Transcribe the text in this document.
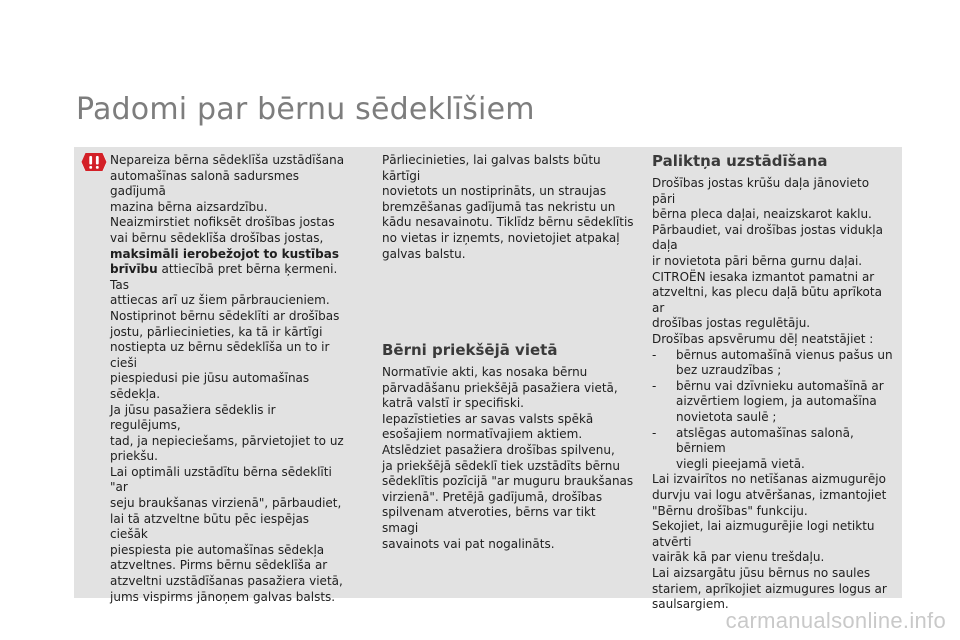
Padomi par bērnu sēdeklīšiem
Nepareiza bērna sēdeklīša uzstādīšana
automašīnas salonā sadursmes gadījumā
mazina bērna aizsardzību.
Neaizmirstiet nofiksēt drošības jostas
vai bērnu sēdeklīša drošības jostas,
maksimāli ierobežojot to kustības
brīvību attiecībā pret bērna ķermeni. Tas
attiecas arī uz šiem pārbraucieniem.
Nostiprinot bērnu sēdeklīti ar drošības
jostu, pārliecinieties, ka tā ir kārtīgi
nostiepta uz bērnu sēdeklīša un to ir cieši
piespiedusi pie jūsu automašīnas sēdekļa.
Ja jūsu pasažiera sēdeklis ir regulējums,
tad, ja nepieciešams, pārvietojiet to uz
priekšu.
Lai optimāli uzstādītu bērna sēdeklīti "ar
seju braukšanas virzienā", pārbaudiet,
lai tā atzveltne būtu pēc iespējas ciešāk
piespiesta pie automašīnas sēdekļa
atzveltnes. Pirms bērnu sēdeklīša ar
atzveltni uzstādīšanas pasažiera vietā,
jums vispirms jānoņem galvas balsts.
Pārliecinieties, lai galvas balsts būtu kārtīgi
novietots un nostiprināts, un straujas
bremzēšanas gadījumā tas nekristu un
kādu nesavainotu. Tiklīdz bērnu sēdeklītis
no vietas ir izņemts, novietojiet atpakaļ
galvas balstu.
Bērni priekšējā vietā
Normatīvie akti, kas nosaka bērnu
pārvadāšanu priekšējā pasažiera vietā,
katrā valstī ir specifiski.
Iepazīstieties ar savas valsts spēkā
esošajiem normatīvajiem aktiem.
Atslēdziet pasažiera drošības spilvenu,
ja priekšējā sēdeklī tiek uzstādīts bērnu
sēdeklītis pozīcijā "ar muguru braukšanas
virzienā". Pretējā gadījumā, drošības
spilvenam atveroties, bērns var tikt smagi
savainots vai pat nogalināts.
Paliktņa uzstādīšana
Drošības jostas krūšu daļa jānovieto pāri
bērna pleca daļai, neaizskarot kaklu.
Pārbaudiet, vai drošības jostas vidukļa daļa
ir novietota pāri bērna gurnu daļai.
CITROËN iesaka izmantot pamatni ar
atzveltni, kas plecu daļā būtu aprīkota ar
drošības jostas regulētāju.
Drošības apsvērumu dēļ neatstājiet :
- bērnus automašīnā vienus pašus un
bez uzraudzības ;
- bērnu vai dzīvnieku automašīnā ar
aizvērtiem logiem, ja automašīna
novietota saulē ;
- atslēgas automašīnas salonā, bērniem
viegli pieejamā vietā.
Lai izvairītos no netīšanas aizmugurējo
durvju vai logu atvēršanas, izmantojiet
"Bērnu drošības" funkciju.
Sekojiet, lai aizmugurējie logi netiktu atvērti
vairāk kā par vienu trešdaļu.
Lai aizsargātu jūsu bērnus no saules
stariem, aprīkojiet aizmugures logus ar
saulsargiem.
carmanualsonline.info
